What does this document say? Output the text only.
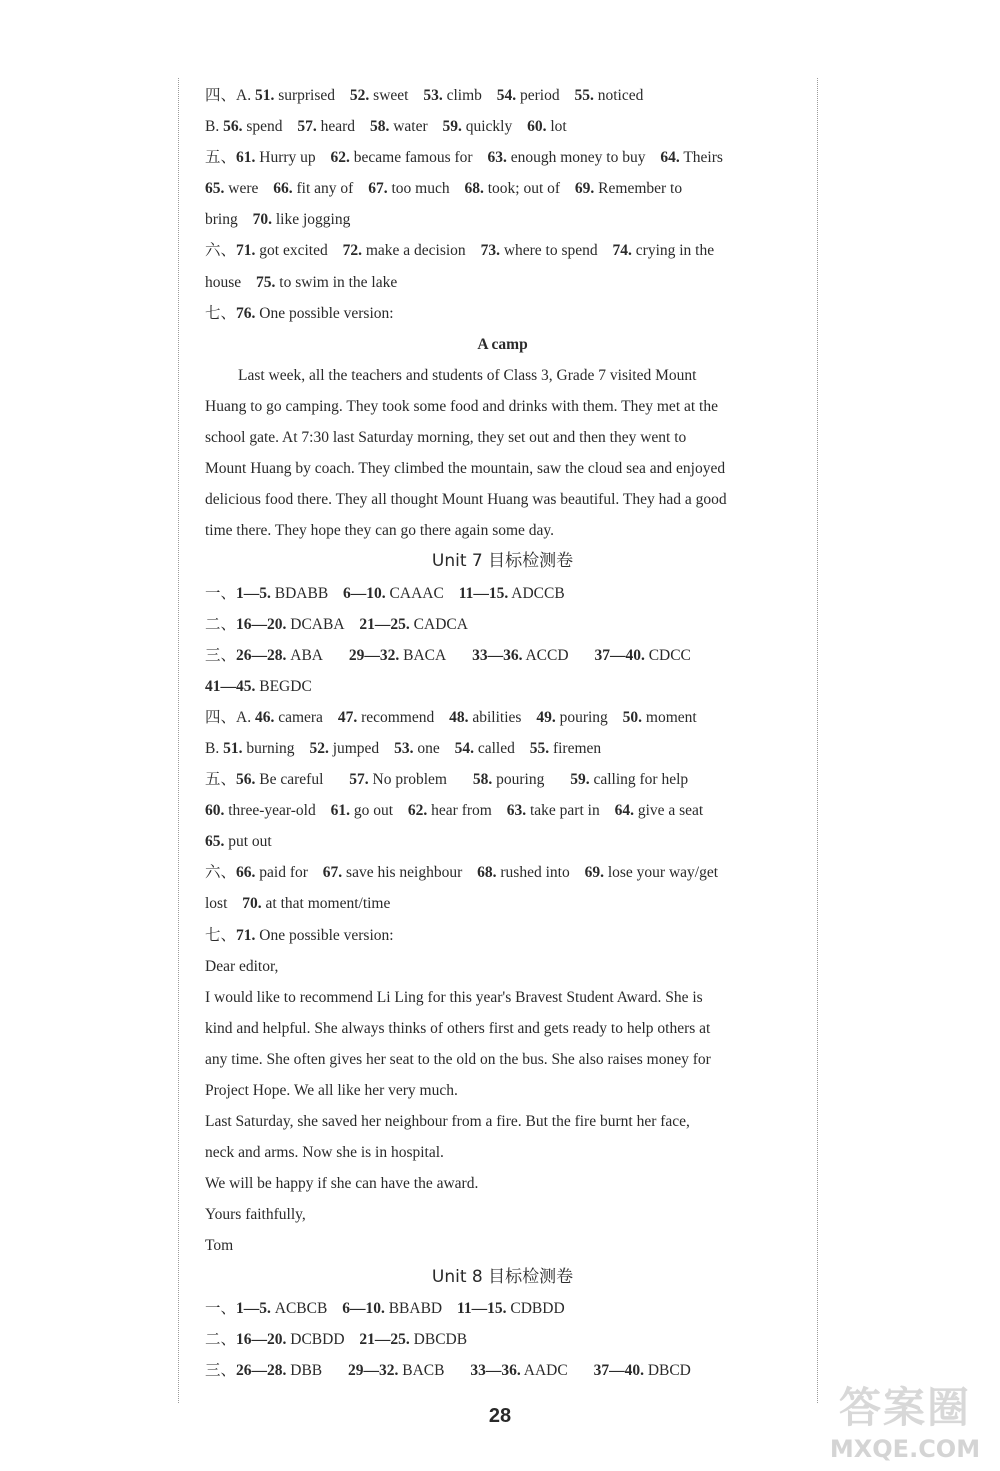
四、A. 51. surprised 52. sweet 53. climb 54. period 55. noticed
B. 56. spend 57. heard 58. water 59. quickly 60. lot
五、61. Hurry up 62. became famous for 63. enough money to buy 64. Theirs
65. were 66. fit any of 67. too much 68. took; out of 69. Remember to
bring 70. like jogging
六、71. got excited 72. make a decision 73. where to spend 74. crying in the
house 75. to swim in the lake
七、76. One possible version:
A camp
Last week, all the teachers and students of Class 3, Grade 7 visited Mount
Huang to go camping. They took some food and drinks with them. They met at the
school gate. At 7:30 last Saturday morning, they set out and then they went to
Mount Huang by coach. They climbed the mountain, saw the cloud sea and enjoyed
delicious food there. They all thought Mount Huang was beautiful. They had a good
time there. They hope they can go there again some day.
Unit 7 目标检测卷
一、1—5. BDABB 6—10. CAAAC 11—15. ADCCB
二、16—20. DCABA 21—25. CADCA
三、26—28. ABA 29—32. BACA 33—36. ACCD 37—40. CDCC
41—45. BEGDC
四、A. 46. camera 47. recommend 48. abilities 49. pouring 50. moment
B. 51. burning 52. jumped 53. one 54. called 55. firemen
五、56. Be careful 57. No problem 58. pouring 59. calling for help
60. three-year-old 61. go out 62. hear from 63. take part in 64. give a seat
65. put out
六、66. paid for 67. save his neighbour 68. rushed into 69. lose your way/get
lost 70. at that moment/time
七、71. One possible version:
Dear editor,
I would like to recommend Li Ling for this year's Bravest Student Award. She is
kind and helpful. She always thinks of others first and gets ready to help others at
any time. She often gives her seat to the old on the bus. She also raises money for
Project Hope. We all like her very much.
Last Saturday, she saved her neighbour from a fire. But the fire burnt her face,
neck and arms. Now she is in hospital.
We will be happy if she can have the award.
Yours faithfully,
Tom
Unit 8 目标检测卷
一、1—5. ACBCB 6—10. BBABD 11—15. CDBDD
二、16—20. DCBDD 21—25. DBCDB
三、26—28. DBB 29—32. BACB 33—36. AADC 37—40. DBCD
28	答案圈
MXQE.COM
